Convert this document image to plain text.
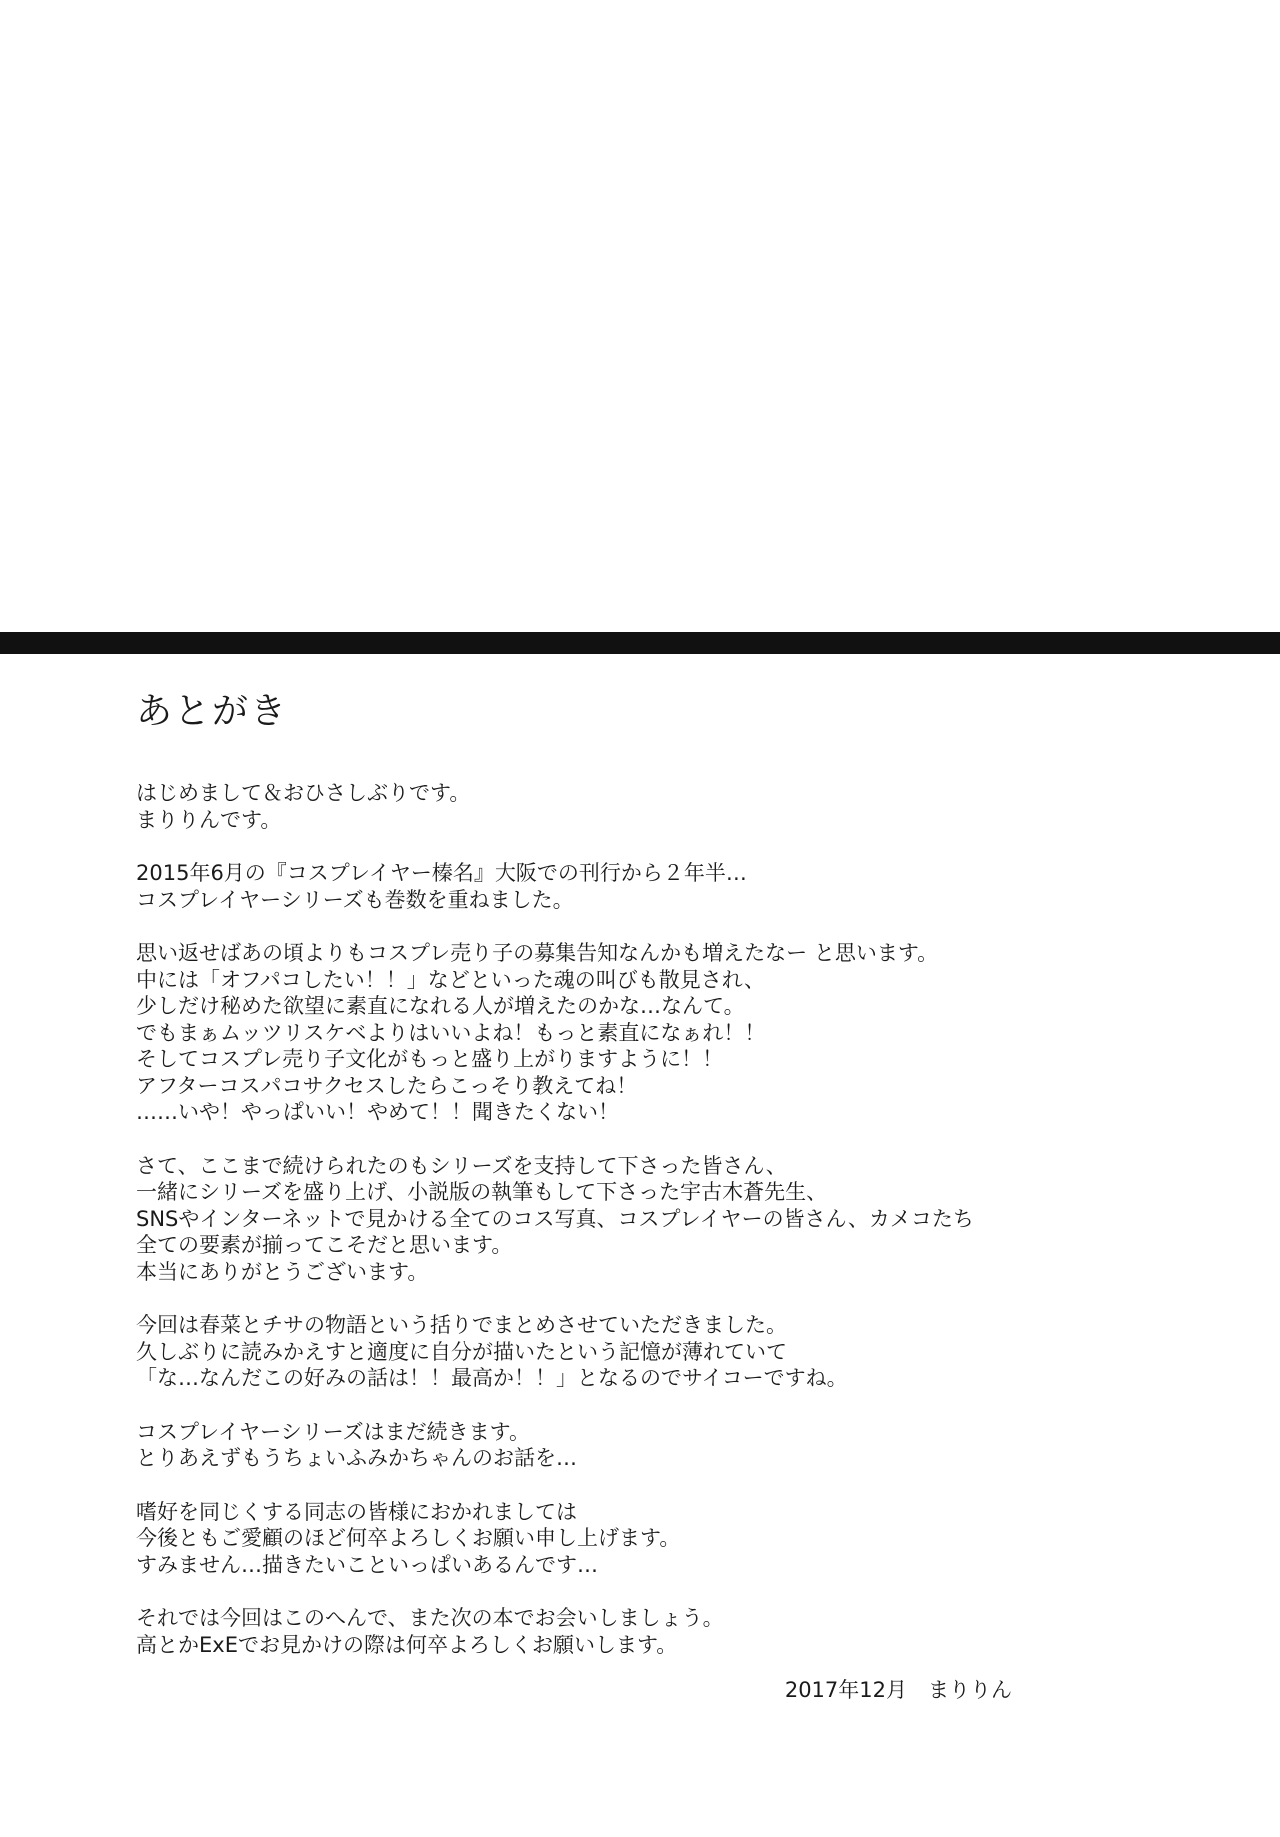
あとがき
はじめまして＆おひさしぶりです。
まりりんです。
2015年6月の『コスプレイヤー榛名』大阪での刊行から２年半…
コスプレイヤーシリーズも巻数を重ねました。
思い返せばあの頃よりもコスプレ売り子の募集告知なんかも増えたなー と思います。
中には「オフパコしたい！！」などといった魂の叫びも散見され、
少しだけ秘めた欲望に素直になれる人が増えたのかな…なんて。
でもまぁムッツリスケベよりはいいよね！もっと素直になぁれ！！
そしてコスプレ売り子文化がもっと盛り上がりますように！！
アフターコスパコサクセスしたらこっそり教えてね！
……いや！やっぱいい！やめて！！聞きたくない！
さて、ここまで続けられたのもシリーズを支持して下さった皆さん、
一緒にシリーズを盛り上げ、小説版の執筆もして下さった宇古木蒼先生、
SNSやインターネットで見かける全てのコス写真、コスプレイヤーの皆さん、カメコたち
全ての要素が揃ってこそだと思います。
本当にありがとうございます。
今回は春菜とチサの物語という括りでまとめさせていただきました。
久しぶりに読みかえすと適度に自分が描いたという記憶が薄れていて
「な…なんだこの好みの話は！！最高か！！」となるのでサイコーですね。
コスプレイヤーシリーズはまだ続きます。
とりあえずもうちょいふみかちゃんのお話を…
嗜好を同じくする同志の皆様におかれましては
今後ともご愛顧のほど何卒よろしくお願い申し上げます。
すみません…描きたいこといっぱいあるんです…
それでは今回はこのへんで、また次の本でお会いしましょう。
高とかExEでお見かけの際は何卒よろしくお願いします。
2017年12月　まりりん
